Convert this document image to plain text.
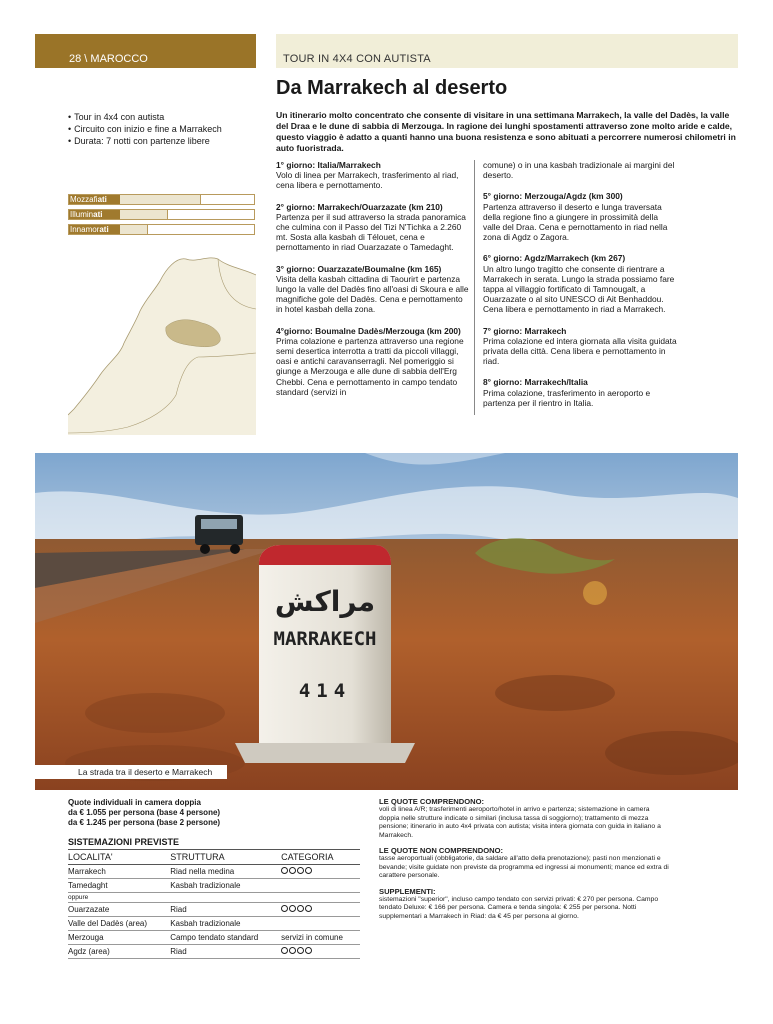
28 \ MAROCCO	TOUR IN 4X4 CON AUTISTA
Da Marrakech al deserto
• Tour in 4x4 con autista
• Circuito con inizio e fine a Marrakech
• Durata: 7 notti con partenze libere
Mozzafiati
Illuminati
Innamorati

Un itinerario molto concentrato che consente di visitare in una settimana Marrakech, la valle del Dadès, la valle del Draa e le dune di sabbia di Merzouga. In ragione dei lunghi spostamenti attraverso zone molto aride e calde, questo viaggio è adatto a quanti hanno una buona resistenza e sono abituati a percorrere numerosi chilometri in auto fuoristrada.

1° giorno: Italia/Marrakech

Volo di linea per Marrakech, trasferimento al riad, cena libera e pernottamento.

2° giorno: Marrakech/Ouarzazate (km 210)

Partenza per il sud attraverso la strada panoramica che culmina con il Passo del Tizi N'Tichka a 2.260 mt. Sosta alla kasbah di Télouet, cena e pernottamento in riad Ouarzazate o Tamedaght.

3° giorno: Ouarzazate/Boumalne (km 165)

Visita della kasbah cittadina di Taourirt e partenza lungo la valle del Dadès fino all'oasi di Skoura e alle magnifiche gole del Dadès. Cena e pernottamento in hotel kasbah della zona.

4°giorno: Boumalne Dadès/Merzouga (km 200)

Prima colazione e partenza attraverso una regione semi desertica interrotta a tratti da piccoli villaggi, oasi e antichi caravanserragli. Nel pomeriggio si giunge a Merzouga e alle dune di sabbia dell'Erg Chebbi. Cena e pernottamento in campo tendato standard (servizi in

comune) o in una kasbah tradizionale ai margini del deserto.

5° giorno: Merzouga/Agdz (km 300)

Partenza attraverso il deserto e lunga traversata della regione fino a giungere in prossimità della valle del Draa. Cena e pernottamento in riad nella zona di Agdz o Zagora.

6° giorno: Agdz/Marrakech (km 267)

Un altro lungo tragitto che consente di rientrare a Marrakech in serata. Lungo la strada possiamo fare tappa al villaggio fortificato di Tamnougalt, a Ouarzazate o al sito UNESCO di Ait Benhaddou. Cena libera e pernottamento in riad a Marrakech.

7° giorno: Marrakech

Prima colazione ed intera giornata alla visita guidata privata della città. Cena libera e pernottamento in riad.

8° giorno: Marrakech/Italia

Prima colazione, trasferimento in aeroporto e partenza per il rientro in Italia.

مراكش
MARRAKECH
414
La strada tra il deserto e Marrakech
Quote individuali in camera doppia
da € 1.055 per persona (base 4 persone)
da € 1.245 per persona (base 2 persone)
SISTEMAZIONI PREVISTE
LOCALITA'	STRUTTURA	CATEGORIA
Marrakech	Riad nella medina	
Tamedaght	Kasbah tradizionale	
oppure		
Ouarzazate	Riad	
Valle del Dadès (area)	Kasbah tradizionale	
Merzouga	Campo tendato standard	servizi in comune
Agdz (area)	Riad	
LE QUOTE COMPRENDONO:

voli di linea A/R; trasferimenti aeroporto/hotel in arrivo e partenza; sistemazione in camera doppia nelle strutture indicate o similari (inclusa tassa di soggiorno); trattamento di mezza pensione; itinerario in auto 4x4 privata con autista; visita intera giornata con guida in italiano a Marrakech.

LE QUOTE NON COMPRENDONO:

tasse aeroportuali (obbligatorie, da saldare all'atto della prenotazione); pasti non menzionati e bevande; visite guidate non previste da programma ed ingressi ai monumenti; mance ed extra di carattere personale.

SUPPLEMENTI:

sistemazioni "superior", incluso campo tendato con servizi privati: € 270 per persona. Campo tendato Deluxe: € 166 per persona. Camera e tenda singola: € 255 per persona. Notti supplementari a Marrakech in Riad: da € 45 per persona al giorno.
